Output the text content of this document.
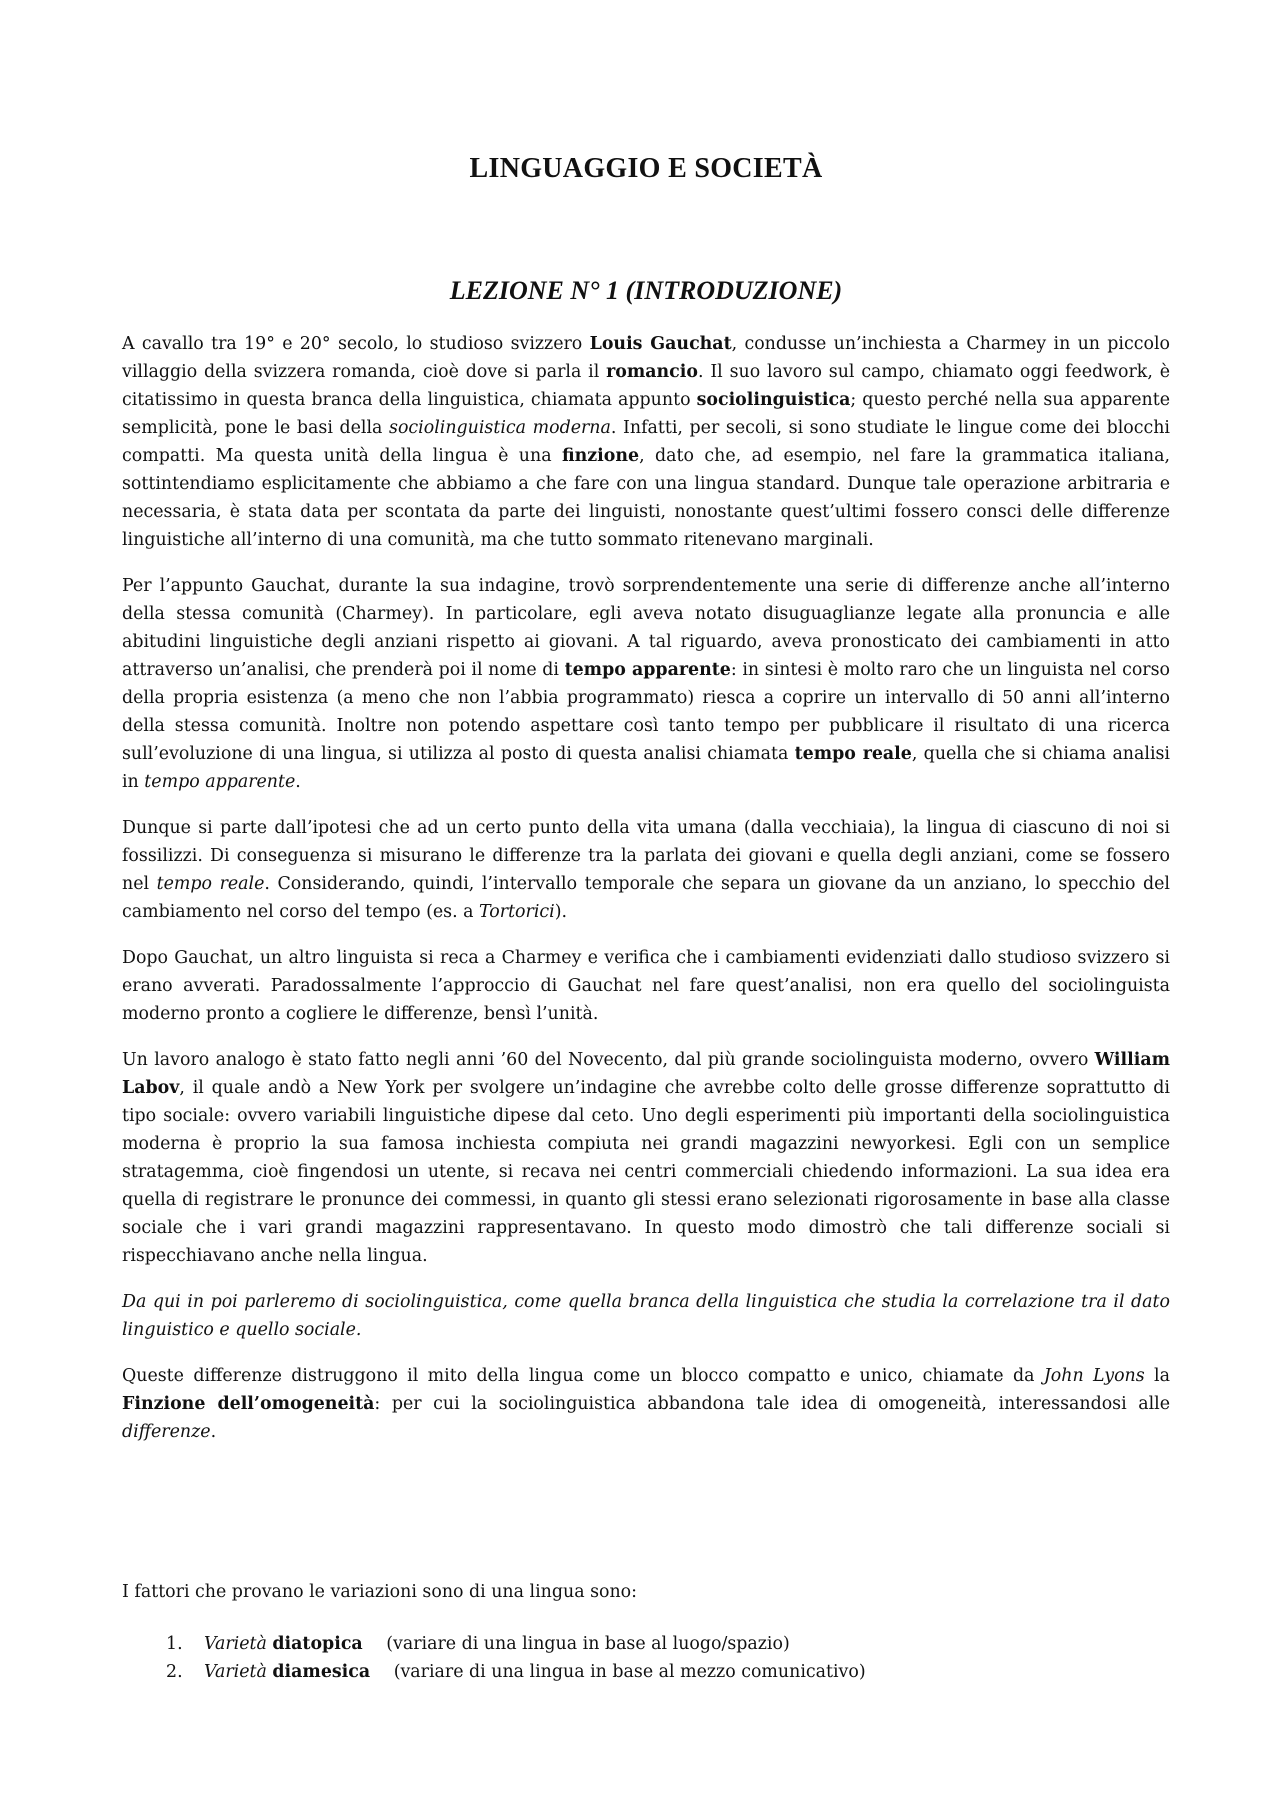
LINGUAGGIO E SOCIETÀ
LEZIONE N° 1 (INTRODUZIONE)

A cavallo tra 19° e 20° secolo, lo studioso svizzero Louis Gauchat, condusse un’inchiesta a Charmey in un piccolo villaggio della svizzera romanda, cioè dove si parla il romancio. Il suo lavoro sul campo, chiamato oggi feedwork, è citatissimo in questa branca della linguistica, chiamata appunto sociolinguistica; questo perché nella sua apparente semplicità, pone le basi della sociolinguistica moderna. Infatti, per secoli, si sono studiate le lingue come dei blocchi compatti. Ma questa unità della lingua è una finzione, dato che, ad esempio, nel fare la grammatica italiana, sottintendiamo esplicitamente che abbiamo a che fare con una lingua standard. Dunque tale operazione arbitraria e necessaria, è stata data per scontata da parte dei linguisti, nonostante quest’ultimi fossero consci delle differenze linguistiche all’interno di una comunità, ma che tutto sommato ritenevano marginali.

Per l’appunto Gauchat, durante la sua indagine, trovò sorprendentemente una serie di differenze anche all’interno della stessa comunità (Charmey). In particolare, egli aveva notato disuguaglianze legate alla pronuncia e alle abitudini linguistiche degli anziani rispetto ai giovani. A tal riguardo, aveva pronosticato dei cambiamenti in atto attraverso un’analisi, che prenderà poi il nome di tempo apparente: in sintesi è molto raro che un linguista nel corso della propria esistenza (a meno che non l’abbia programmato) riesca a coprire un intervallo di 50 anni all’interno della stessa comunità. Inoltre non potendo aspettare così tanto tempo per pubblicare il risultato di una ricerca sull’evoluzione di una lingua, si utilizza al posto di questa analisi chiamata tempo reale, quella che si chiama analisi in tempo apparente.

Dunque si parte dall’ipotesi che ad un certo punto della vita umana (dalla vecchiaia), la lingua di ciascuno di noi si fossilizzi. Di conseguenza si misurano le differenze tra la parlata dei giovani e quella degli anziani, come se fossero nel tempo reale. Considerando, quindi, l’intervallo temporale che separa un giovane da un anziano, lo specchio del cambiamento nel corso del tempo (es. a Tortorici).

Dopo Gauchat, un altro linguista si reca a Charmey e verifica che i cambiamenti evidenziati dallo studioso svizzero si erano avverati. Paradossalmente l’approccio di Gauchat nel fare quest’analisi, non era quello del sociolinguista moderno pronto a cogliere le differenze, bensì l’unità.

Un lavoro analogo è stato fatto negli anni ’60 del Novecento, dal più grande sociolinguista moderno, ovvero William Labov, il quale andò a New York per svolgere un’indagine che avrebbe colto delle grosse differenze soprattutto di tipo sociale: ovvero variabili linguistiche dipese dal ceto. Uno degli esperimenti più importanti della sociolinguistica moderna è proprio la sua famosa inchiesta compiuta nei grandi magazzini newyorkesi. Egli con un semplice stratagemma, cioè fingendosi un utente, si recava nei centri commerciali chiedendo informazioni. La sua idea era quella di registrare le pronunce dei commessi, in quanto gli stessi erano selezionati rigorosamente in base alla classe sociale che i vari grandi magazzini rappresentavano. In questo modo dimostrò che tali differenze sociali si rispecchiavano anche nella lingua.

Da qui in poi parleremo di sociolinguistica, come quella branca della linguistica che studia la correlazione tra il dato linguistico e quello sociale.

Queste differenze distruggono il mito della lingua come un blocco compatto e unico, chiamate da John Lyons la Finzione dell’omogeneità: per cui la sociolinguistica abbandona tale idea di omogeneità, interessandosi alle differenze.

I fattori che provano le variazioni sono di una lingua sono:

1. Varietà diatopica (variare di una lingua in base al luogo/spazio)
2. Varietà diamesica (variare di una lingua in base al mezzo comunicativo)
